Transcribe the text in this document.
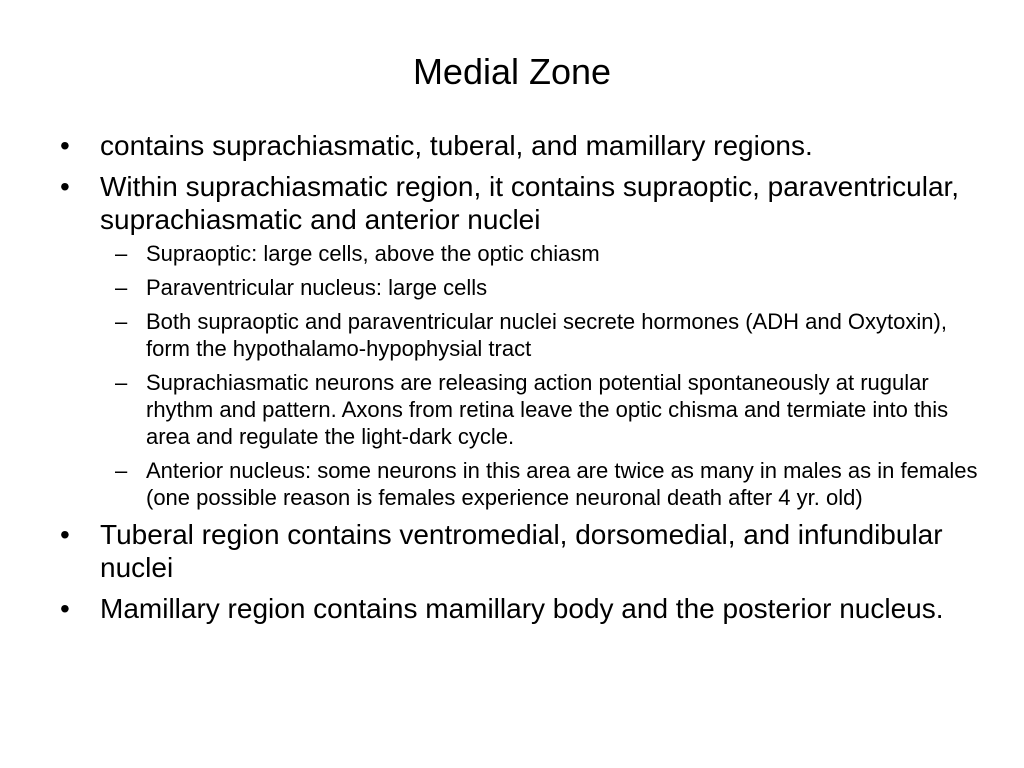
Medial Zone
• contains suprachiasmatic, tuberal, and mamillary regions.
• Within suprachiasmatic region, it contains supraoptic, paraventricular, suprachiasmatic and anterior nuclei
– Supraoptic: large cells, above the optic chiasm
– Paraventricular nucleus: large cells
– Both supraoptic and paraventricular nuclei secrete hormones (ADH and Oxytoxin), form the hypothalamo-hypophysial tract
– Suprachiasmatic neurons are releasing action potential spontaneously at rugular rhythm and pattern. Axons from retina leave the optic chisma and termiate into this area and regulate the light-dark cycle.
– Anterior nucleus: some neurons in this area are twice as many in males as in females (one possible reason is females experience neuronal death after 4 yr. old)
• Tuberal region contains ventromedial, dorsomedial, and infundibular nuclei
• Mamillary region contains mamillary body and the posterior nucleus.
